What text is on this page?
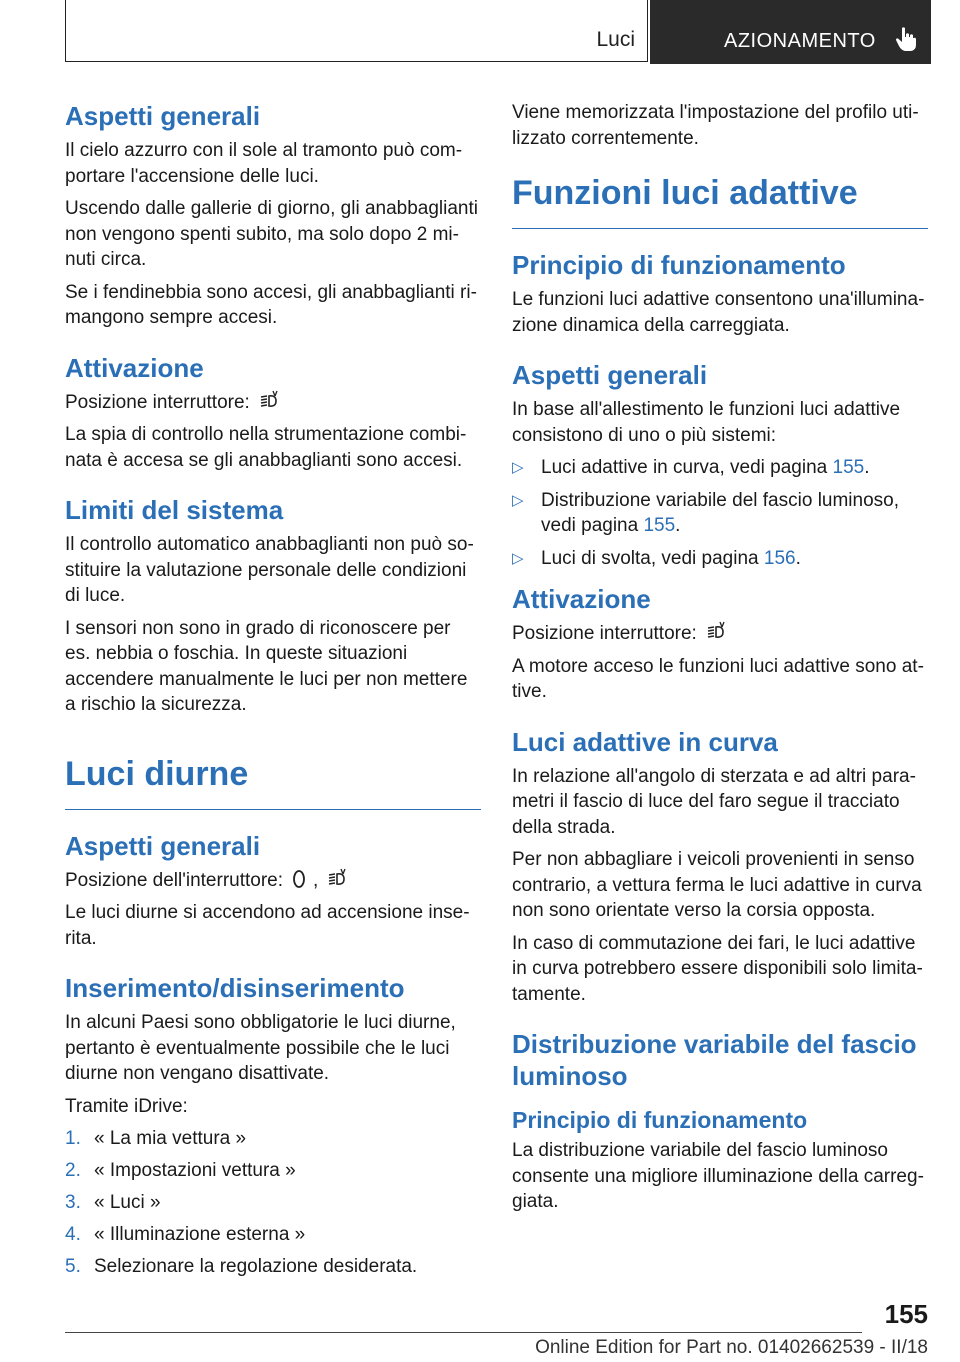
Luci	AZIONAMENTO
Aspetti generali

Il cielo azzurro con il sole al tramonto può comportare l'accensione delle luci.

Uscendo dalle gallerie di giorno, gli anabbaglianti non vengono spenti subito, ma solo dopo 2 minuti circa.

Se i fendinebbia sono accesi, gli anabbaglianti rimangono sempre accesi.

Attivazione

Posizione interruttore:

La spia di controllo nella strumentazione combinata è accesa se gli anabbaglianti sono accesi.

Limiti del sistema

Il controllo automatico anabbaglianti non può sostituire la valutazione personale delle condizioni di luce.

I sensori non sono in grado di riconoscere per es. nebbia o foschia. In queste situazioni accendere manualmente le luci per non mettere a rischio la sicurezza.

Luci diurne
Aspetti generali

Posizione dell'interruttore: ,

Le luci diurne si accendono ad accensione inserita.

Inserimento/disinserimento

In alcuni Paesi sono obbligatorie le luci diurne, pertanto è eventualmente possibile che le luci diurne non vengano disattivate.

Tramite iDrive:

1. « La mia vettura »
2. « Impostazioni vettura »
3. « Luci »
4. « Illuminazione esterna »
5. Selezionare la regolazione desiderata.

Viene memorizzata l'impostazione del profilo utilizzato correntemente.

Funzioni luci adattive
Principio di funzionamento

Le funzioni luci adattive consentono una'illuminazione dinamica della carreggiata.

Aspetti generali

In base all'allestimento le funzioni luci adattive consistono di uno o più sistemi:

▷ Luci adattive in curva, vedi pagina 155.
▷ Distribuzione variabile del fascio luminoso, vedi pagina 155.
▷ Luci di svolta, vedi pagina 156.
Attivazione

Posizione interruttore:

A motore acceso le funzioni luci adattive sono attive.

Luci adattive in curva

In relazione all'angolo di sterzata e ad altri parametri il fascio di luce del faro segue il tracciato della strada.

Per non abbagliare i veicoli provenienti in senso contrario, a vettura ferma le luci adattive in curva non sono orientate verso la corsia opposta.

In caso di commutazione dei fari, le luci adattive in curva potrebbero essere disponibili solo limitatamente.

Distribuzione variabile del fascio luminoso
Principio di funzionamento

La distribuzione variabile del fascio luminoso consente una migliore illuminazione della carreggiata.

155
Online Edition for Part no. 01402662539 - II/18
